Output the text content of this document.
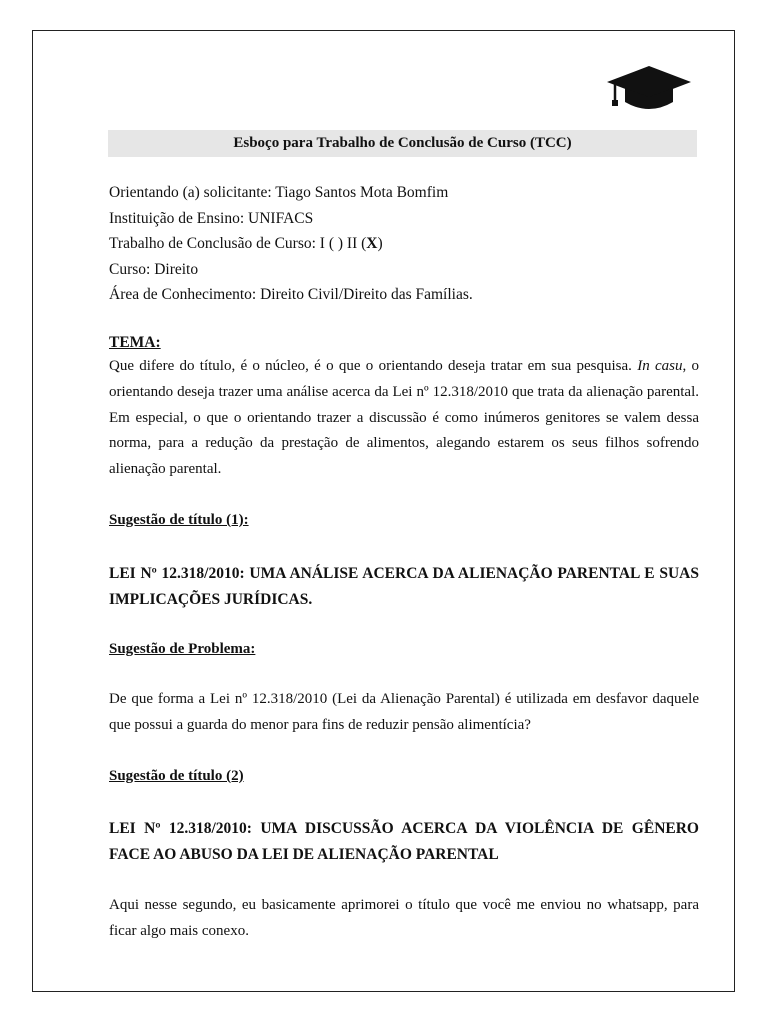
Esboço para Trabalho de Conclusão de Curso (TCC)
Orientando (a) solicitante: Tiago Santos Mota Bomfim
Instituição de Ensino: UNIFACS
Trabalho de Conclusão de Curso: I ( ) II (X)
Curso: Direito
Área de Conhecimento: Direito Civil/Direito das Famílias.
TEMA:
Que difere do título, é o núcleo, é o que o orientando deseja tratar em sua pesquisa. In casu, o orientando deseja trazer uma análise acerca da Lei nº 12.318/2010 que trata da alienação parental. Em especial, o que o orientando trazer a discussão é como inúmeros genitores se valem dessa norma, para a redução da prestação de alimentos, alegando estarem os seus filhos sofrendo alienação parental.
Sugestão de título (1):
LEI Nº 12.318/2010: UMA ANÁLISE ACERCA DA ALIENAÇÃO PARENTAL E SUAS IMPLICAÇÕES JURÍDICAS.
Sugestão de Problema:
De que forma a Lei nº 12.318/2010 (Lei da Alienação Parental) é utilizada em desfavor daquele que possui a guarda do menor para fins de reduzir pensão alimentícia?
Sugestão de título (2)
LEI Nº 12.318/2010: UMA DISCUSSÃO ACERCA DA VIOLÊNCIA DE GÊNERO FACE AO ABUSO DA LEI DE ALIENAÇÃO PARENTAL
Aqui nesse segundo, eu basicamente aprimorei o título que você me enviou no whatsapp, para ficar algo mais conexo.
